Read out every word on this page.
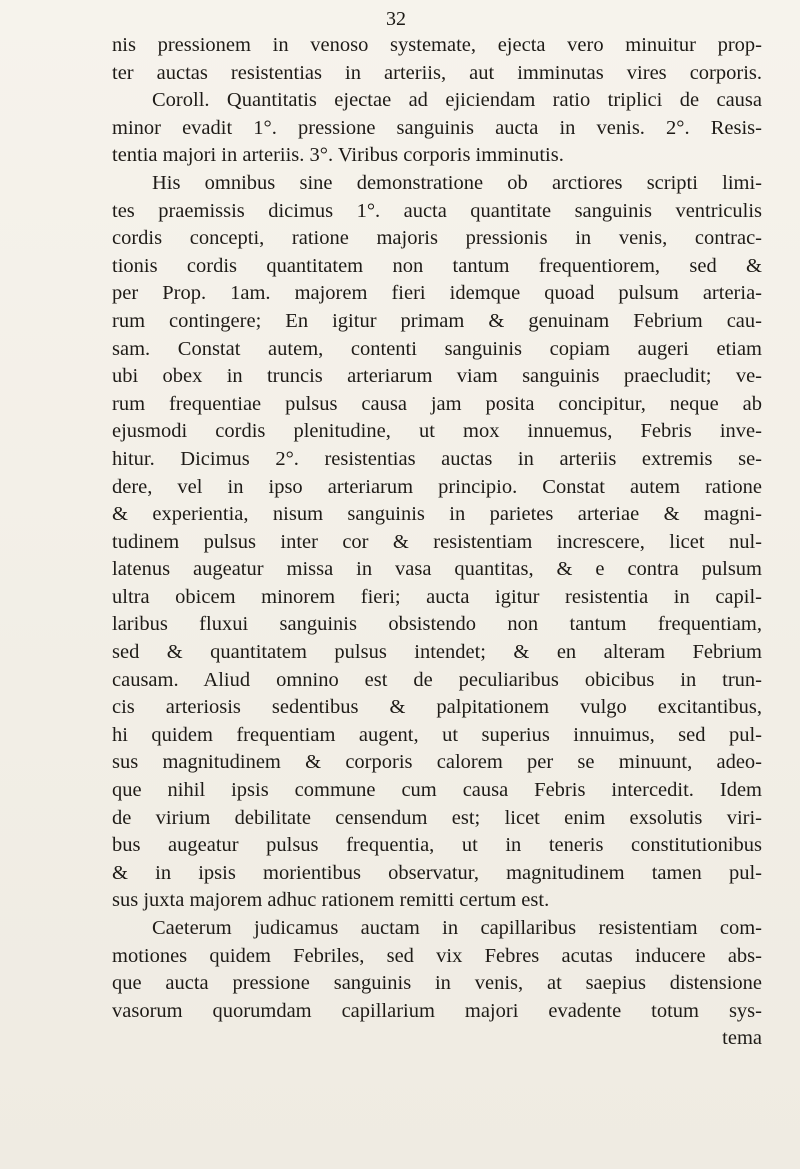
32
nis pressionem in venoso systemate, ejecta vero minuitur prop-
ter auctas resistentias in arteriis, aut imminutas vires corporis.
Coroll. Quantitatis ejectae ad ejiciendam ratio triplici de causa
minor evadit 1°. pressione sanguinis aucta in venis. 2°. Resis-
tentia majori in arteriis. 3°. Viribus corporis imminutis.
His omnibus sine demonstratione ob arctiores scripti limi-
tes praemissis dicimus 1°. aucta quantitate sanguinis ventriculis
cordis concepti, ratione majoris pressionis in venis, contrac-
tionis cordis quantitatem non tantum frequentiorem, sed &
per Prop. 1am. majorem fieri idemque quoad pulsum arteria-
rum contingere; En igitur primam & genuinam Febrium cau-
sam. Constat autem, contenti sanguinis copiam augeri etiam
ubi obex in truncis arteriarum viam sanguinis praecludit; ve-
rum frequentiae pulsus causa jam posita concipitur, neque ab
ejusmodi cordis plenitudine, ut mox innuemus, Febris inve-
hitur. Dicimus 2°. resistentias auctas in arteriis extremis se-
dere, vel in ipso arteriarum principio. Constat autem ratione
& experientia, nisum sanguinis in parietes arteriae & magni-
tudinem pulsus inter cor & resistentiam increscere, licet nul-
latenus augeatur missa in vasa quantitas, & e contra pulsum
ultra obicem minorem fieri; aucta igitur resistentia in capil-
laribus fluxui sanguinis obsistendo non tantum frequentiam,
sed & quantitatem pulsus intendet; & en alteram Febrium
causam. Aliud omnino est de peculiaribus obicibus in trun-
cis arteriosis sedentibus & palpitationem vulgo excitantibus,
hi quidem frequentiam augent, ut superius innuimus, sed pul-
sus magnitudinem & corporis calorem per se minuunt, adeo-
que nihil ipsis commune cum causa Febris intercedit. Idem
de virium debilitate censendum est; licet enim exsolutis viri-
bus augeatur pulsus frequentia, ut in teneris constitutionibus
& in ipsis morientibus observatur, magnitudinem tamen pul-
sus juxta majorem adhuc rationem remitti certum est.
Caeterum judicamus auctam in capillaribus resistentiam com-
motiones quidem Febriles, sed vix Febres acutas inducere abs-
que aucta pressione sanguinis in venis, at saepius distensione
vasorum quorumdam capillarium majori evadente totum sys-
tema
